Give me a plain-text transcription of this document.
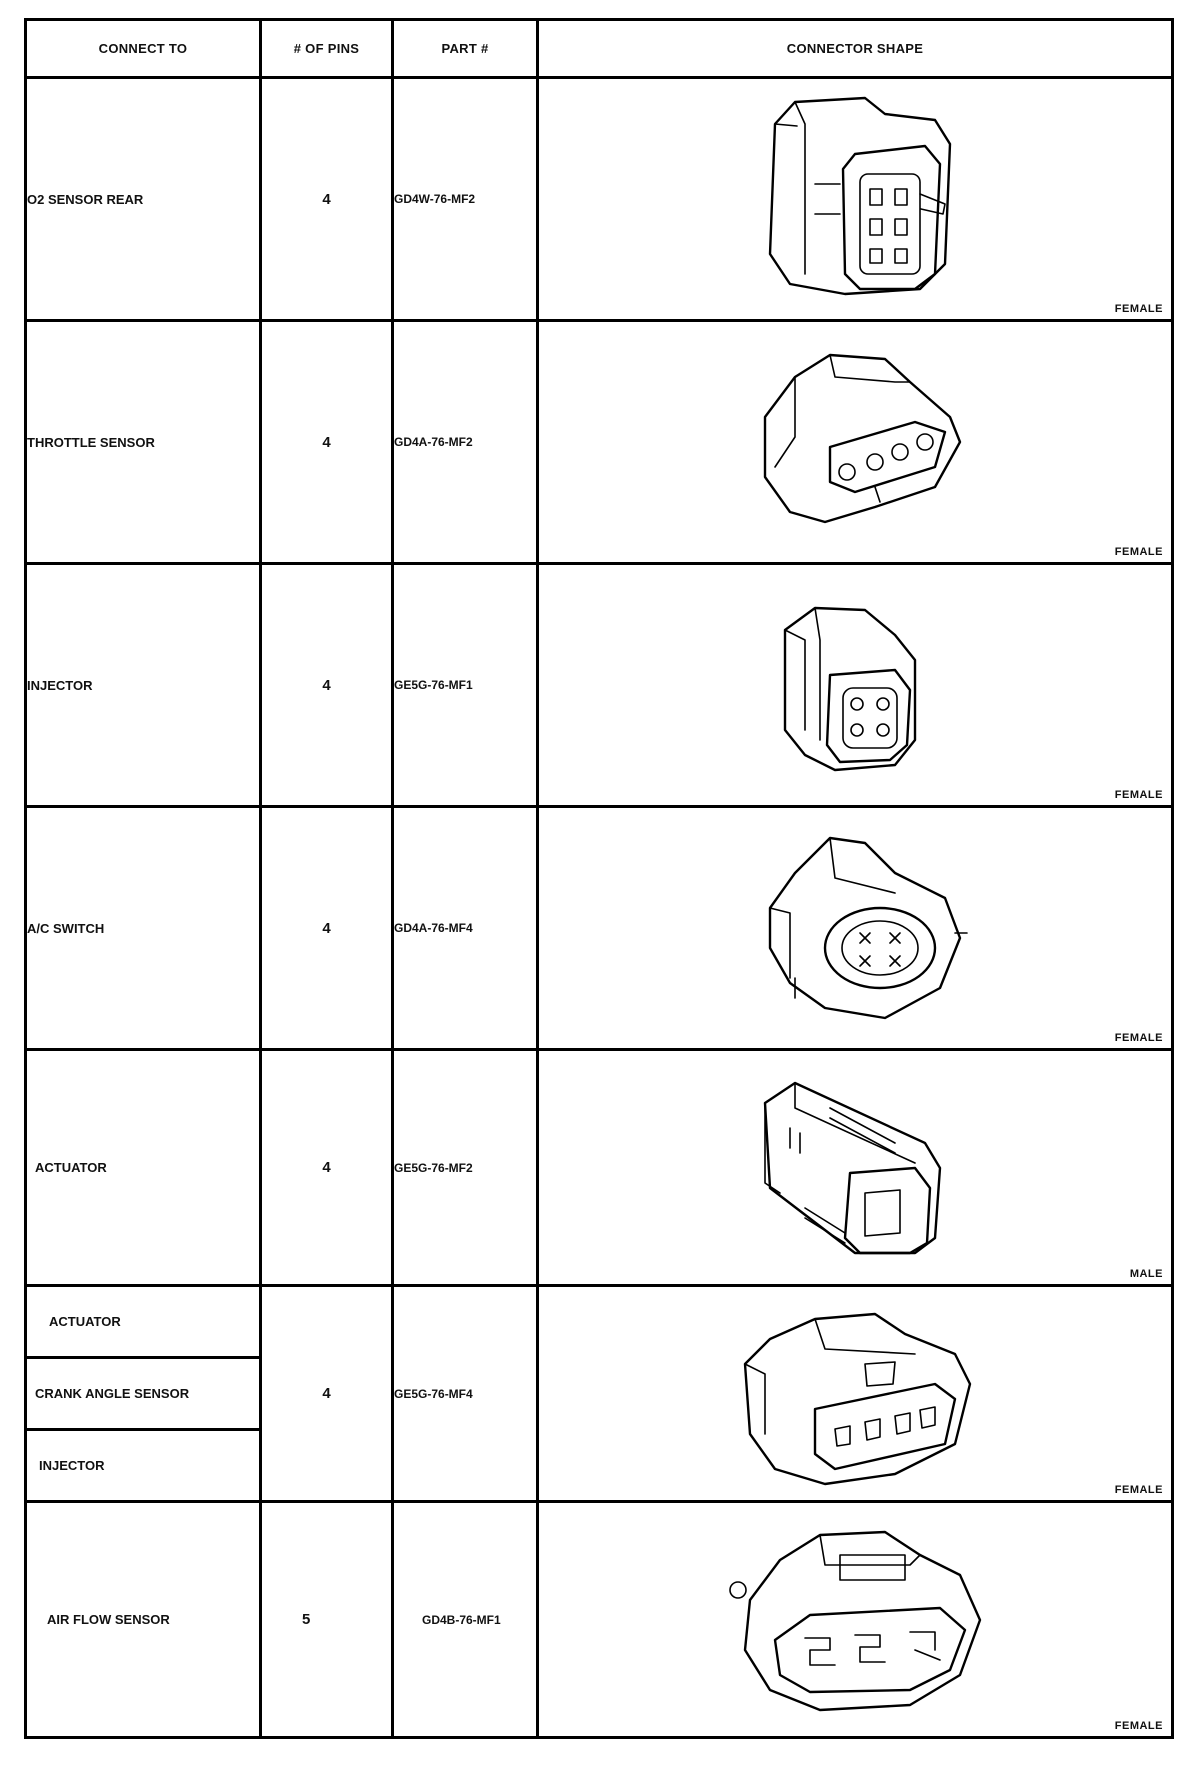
CONNECT TO	# OF PINS	PART #	CONNECTOR SHAPE
O2 SENSOR REAR	4	GD4W-76-MF2	FEMALE

THROTTLE SENSOR	4	GD4A-76-MF2	FEMALE

INJECTOR	4	GE5G-76-MF1	FEMALE

A/C SWITCH	4	GD4A-76-MF4	FEMALE

ACTUATOR	4	GE5G-76-MF2	MALE

ACTUATOR	4	GE5G-76-MF4	FEMALE

CRANK ANGLE SENSOR			
INJECTOR			
AIR FLOW SENSOR	5	GD4B-76-MF1	FEMALE
